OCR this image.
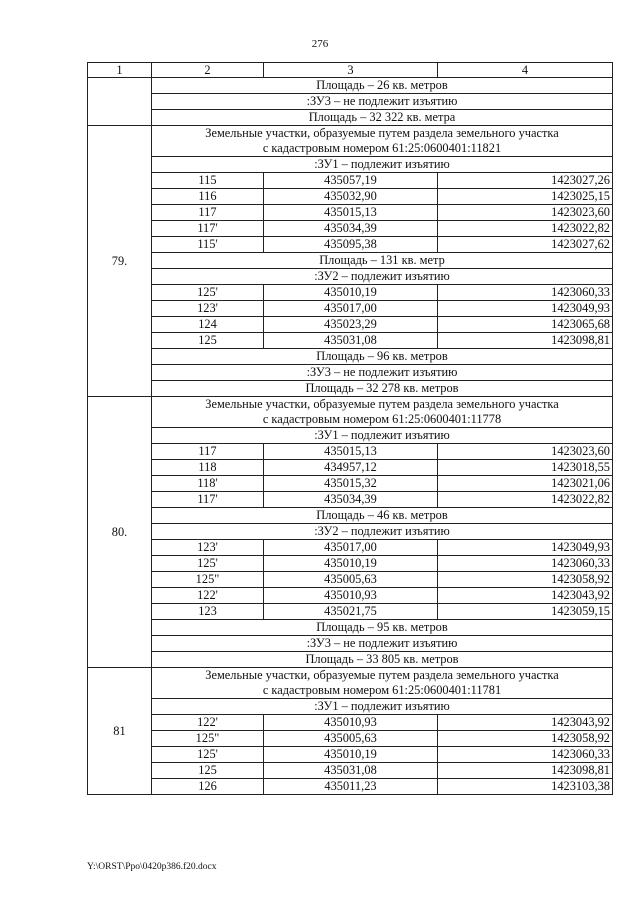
276
1	2	3	4
	Площадь – 26 кв. метров		
	:ЗУ3 – не подлежит изъятию		
	Площадь – 32 322 кв. метра		
79.	Земельные участки, образуемые путем раздела земельного участка
с кадастровым номером 61:25:0600401:11821		

	:ЗУ1 – подлежит изъятию		
	115	435057,19	1423027,26
	116	435032,90	1423025,15
	117	435015,13	1423023,60
	117'	435034,39	1423022,82
	115'	435095,38	1423027,62
	Площадь – 131 кв. метр		
	:ЗУ2 – подлежит изъятию		
	125'	435010,19	1423060,33
	123'	435017,00	1423049,93
	124	435023,29	1423065,68
	125	435031,08	1423098,81
	Площадь – 96 кв. метров		
	:ЗУ3 – не подлежит изъятию		
	Площадь – 32 278 кв. метров		
80.	Земельные участки, образуемые путем раздела земельного участка
с кадастровым номером 61:25:0600401:11778		

	:ЗУ1 – подлежит изъятию		
	117	435015,13	1423023,60
	118	434957,12	1423018,55
	118'	435015,32	1423021,06
	117'	435034,39	1423022,82
	Площадь – 46 кв. метров		
	:ЗУ2 – подлежит изъятию		
	123'	435017,00	1423049,93
	125'	435010,19	1423060,33
	125"	435005,63	1423058,92
	122'	435010,93	1423043,92
	123	435021,75	1423059,15
	Площадь – 95 кв. метров		
	:ЗУ3 – не подлежит изъятию		
	Площадь – 33 805 кв. метров		
81	Земельные участки, образуемые путем раздела земельного участка
с кадастровым номером 61:25:0600401:11781		

	:ЗУ1 – подлежит изъятию		
	122'	435010,93	1423043,92
	125"	435005,63	1423058,92
	125'	435010,19	1423060,33
	125	435031,08	1423098,81
	126	435011,23	1423103,38
Y:\ORST\Ppo\0420p386.f20.docx
